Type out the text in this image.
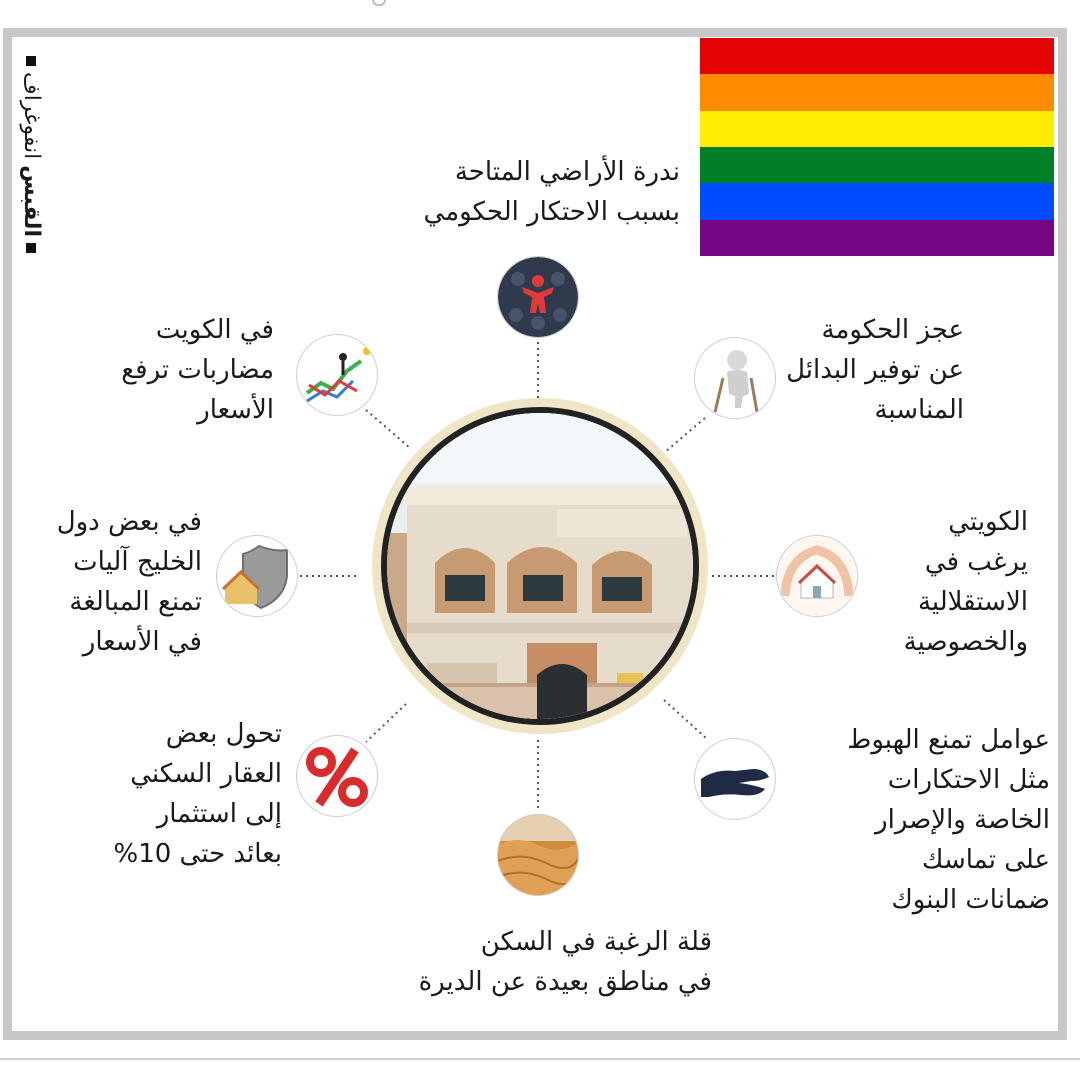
انفوغراف
القبس	ندرة الأراضي المتاحة
بسبب الاحتكار الحكومي
عجز الحكومة
عن توفير البدائل
المناسبة
الكويتي
يرغب في
الاستقلالية
والخصوصية
عوامل تمنع الهبوط
مثل الاحتكارات
الخاصة والإصرار
على تماسك
ضمانات البنوك
قلة الرغبة في السكن
في مناطق بعيدة عن الديرة
تحول بعض
العقار السكني
إلى استثمار
بعائد حتى 10%
في بعض دول
الخليج آليات
تمنع المبالغة
في الأسعار
في الكويت
مضاربات ترفع
الأسعار
